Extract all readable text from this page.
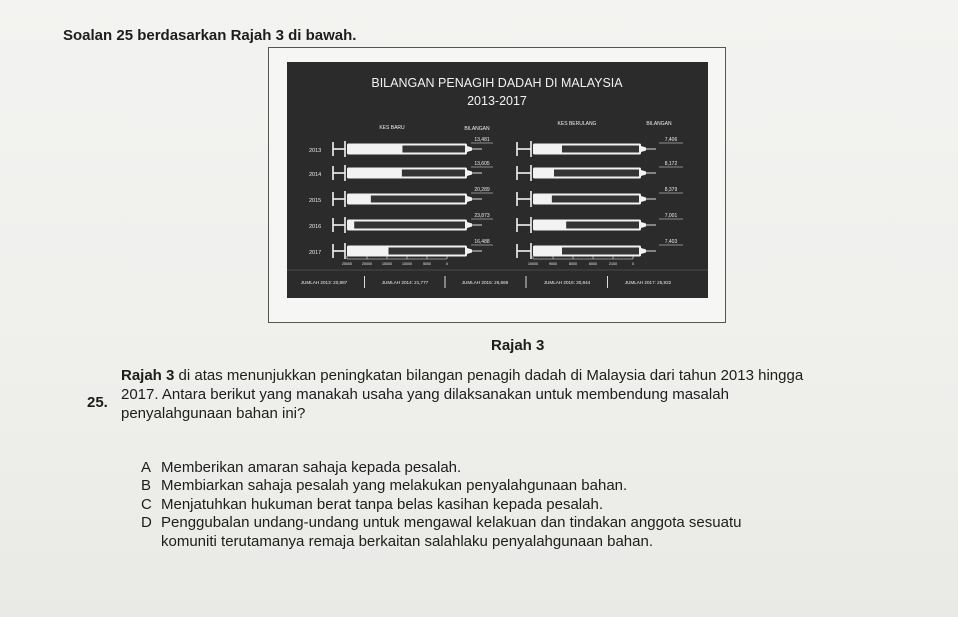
Soalan 25 berdasarkan Rajah 3 di bawah.
BILANGAN PENAGIH DADAH DI MALAYSIA
2013-2017
KES BARU	BILANGAN
KES BERULANG	BILANGAN
2013
13,481	7,406
2014
13,605	8,172
2015
20,289	8,379
2016
23,873	7,001
2017
16,488	7,403
25000	20000	15000	10000	5000	0	10000	9000	8000	6000	2100	0
JUMLAH 2013: 20,887	JUMLAH 2014: 21,777	JUMLAH 2015: 26,668	JUMLAH 2016: 30,844	JUMLAH 2017: 25,922
Rajah 3
25.
Rajah 3 di atas menunjukkan peningkatan bilangan penagih dadah di Malaysia dari tahun 2013 hingga
2017. Antara berikut yang manakah usaha yang dilaksanakan untuk membendung masalah
penyalahgunaan bahan ini?
A Memberikan amaran sahaja kepada pesalah.
B Membiarkan sahaja pesalah yang melakukan penyalahgunaan bahan.
C Menjatuhkan hukuman berat tanpa belas kasihan kepada pesalah.
D Penggubalan undang-undang untuk mengawal kelakuan dan tindakan anggota sesuatu
komuniti terutamanya remaja berkaitan salahlaku penyalahgunaan bahan.
